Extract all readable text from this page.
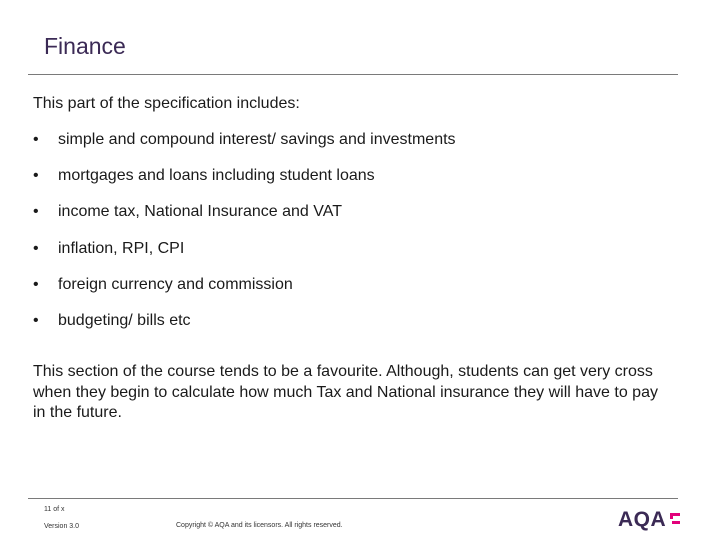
Finance
This part of the specification includes:
•	simple and compound interest/ savings and investments
•	mortgages and loans including student loans
•	income tax, National Insurance and VAT
•	inflation, RPI, CPI
•	foreign currency and commission
•	budgeting/ bills etc
This section of the course tends to be a favourite. Although, students can get very cross when they begin to calculate how much Tax and National insurance they will have to pay in the future.
11 of x
Version 3.0	Copyright © AQA and its licensors. All rights reserved.	AQA
